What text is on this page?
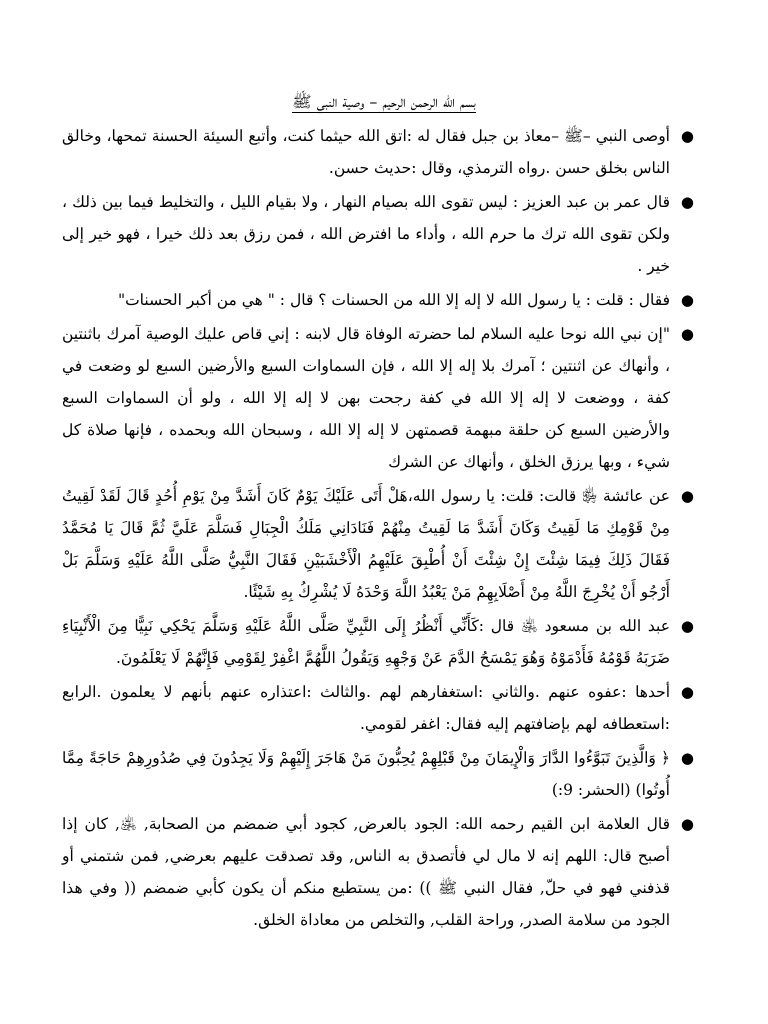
بسم الله الرحمن الرحيم – وصية النبي ﷺ
●
أوصى النبي –ﷺ –معاذ بن جبل فقال له :اتق الله حيثما كنت، وأتبع السيئة الحسنة تمحها، وخالق الناس بخلق حسن .رواه الترمذي، وقال :حديث حسن.
●
قال عمر بن عبد العزيز : ليس تقوى الله بصيام النهار ، ولا بقيام الليل ، والتخليط فيما بين ذلك ، ولكن تقوى الله ترك ما حرم الله ، وأداء ما افترض الله ، فمن رزق بعد ذلك خيرا ، فهو خير إلى خير .
●
فقال : قلت : يا رسول الله لا إله إلا الله من الحسنات ؟ قال : " هي من أكبر الحسنات"
●
"إن نبي الله نوحا عليه السلام لما حضرته الوفاة قال لابنه : إني قاص عليك الوصية آمرك باثنتين ، وأنهاك عن اثنتين ؛ آمرك بلا إله إلا الله ، فإن السماوات السبع والأرضين السبع لو وضعت في كفة ، ووضعت لا إله إلا الله في كفة رجحت بهن لا إله إلا الله ، ولو أن السماوات السبع والأرضين السبع كن حلقة مبهمة قصمتهن لا إله إلا الله ، وسبحان الله وبحمده ، فإنها صلاة كل شيء ، وبها يرزق الخلق ، وأنهاك عن الشرك
●
عن عائشة ﵂ قالت: قلت: يا رسول الله،هَلْ أَتَى عَلَيْكَ يَوْمٌ كَانَ أَشَدَّ مِنْ يَوْمِ أُحُدٍ قَالَ لَقَدْ لَقِيتُ مِنْ قَوْمِكِ مَا لَقِيتُ وَكَانَ أَشَدَّ مَا لَقِيتُ مِنْهُمْ فَنَادَانِي مَلَكُ الْجِبَالِ فَسَلَّمَ عَلَيَّ ثُمَّ قَالَ يَا مُحَمَّدُ فَقَالَ ذَلِكَ فِيمَا شِئْتَ إِنْ شِئْتَ أَنْ أُطْبِقَ عَلَيْهِمُ الْأَخْشَبَيْنِ فَقَالَ النَّبِيُّ صَلَّى اللَّهُ عَلَيْهِ وَسَلَّمَ بَلْ أَرْجُو أَنْ يُخْرِجَ اللَّهُ مِنْ أَصْلَابِهِمْ مَنْ يَعْبُدُ اللَّهَ وَحْدَهُ لَا يُشْرِكُ بِهِ شَيْئًا.
●
عبد الله بن مسعود ﵁ قال :كَأَنِّي أَنْظُرُ إِلَى النَّبِيِّ صَلَّى اللَّهُ عَلَيْهِ وَسَلَّمَ يَحْكِي نَبِيًّا مِنَ الْأَنْبِيَاءِ ضَرَبَهُ قَوْمُهُ فَأَدْمَوْهُ وَهُوَ يَمْسَحُ الدَّمَ عَنْ وَجْهِهِ وَيَقُولُ اللَّهُمَّ اغْفِرْ لِقَوْمِي فَإِنَّهُمْ لَا يَعْلَمُونَ.
●
أحدها :عفوه عنهم .والثاني :استغفارهم لهم .والثالث :اعتذاره عنهم بأنهم لا يعلمون .الرابع :استعطافه لهم بإضافتهم إليه فقال: اغفر لقومي.
●
﴿ وَالَّذِينَ تَبَوَّءُوا الدَّارَ وَالْإِيمَانَ مِنْ قَبْلِهِمْ يُحِبُّونَ مَنْ هَاجَرَ إِلَيْهِمْ وَلَا يَجِدُونَ فِي صُدُورِهِمْ حَاجَةً مِمَّا أُوتُوا) (الحشر: 9:)
●
قال العلامة ابن القيم رحمه الله: الجود بالعرض, كجود أبي ضمضم من الصحابة, ﵁, كان إذا أصبح قال: اللهم إنه لا مال لي فأتصدق به الناس, وقد تصدقت عليهم بعرضي, فمن شتمني أو قذفني فهو في حلّ, فقال النبي ﷺ )) :من يستطيع منكم أن يكون كأبي ضمضم (( وفي هذا الجود من سلامة الصدر, وراحة القلب, والتخلص من معاداة الخلق.
